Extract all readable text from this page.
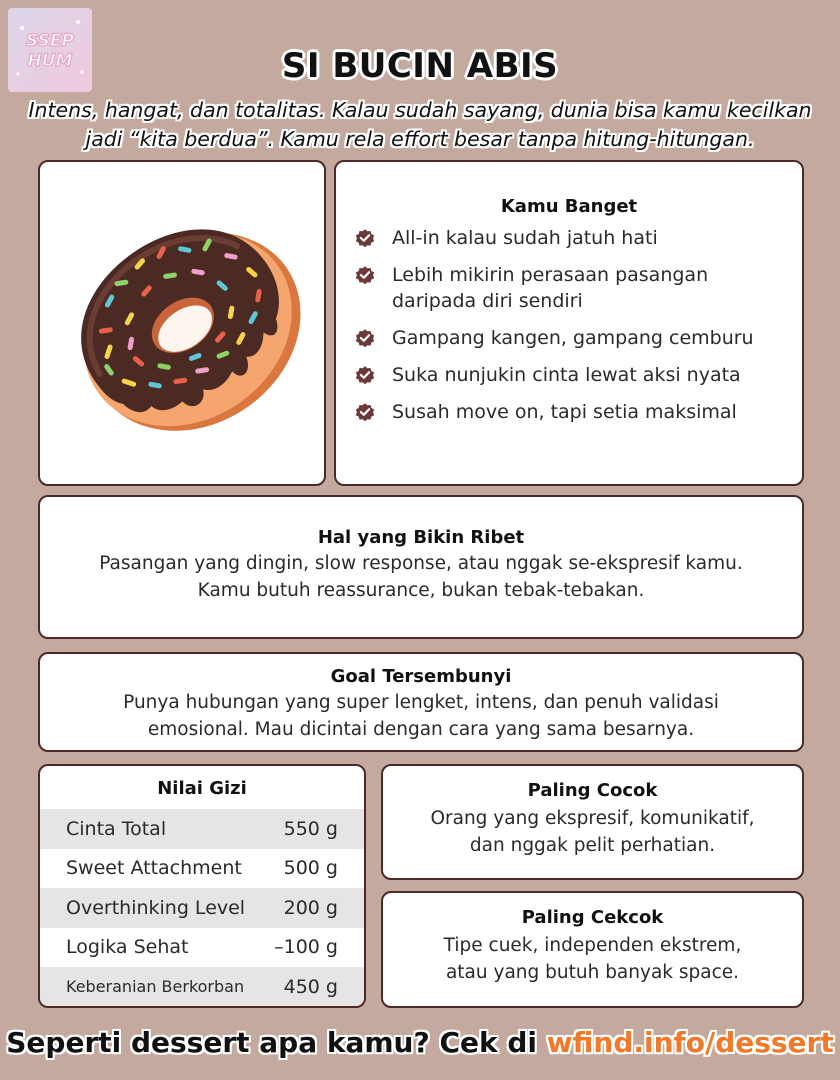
SSEP
HUM	SI BUCIN ABIS
Intens, hangat, dan totalitas. Kalau sudah sayang, dunia bisa kamu kecilkan jadi “kita berdua”. Kamu rela effort besar tanpa hitung-hitungan.
Kamu Banget
All-in kalau sudah jatuh hati
Lebih mikirin perasaan pasangan daripada diri sendiri
Gampang kangen, gampang cemburu
Suka nunjukin cinta lewat aksi nyata
Susah move on, tapi setia maksimal
Hal yang Bikin Ribet

Pasangan yang dingin, slow response, atau nggak se-ekspresif kamu. Kamu butuh reassurance, bukan tebak-tebakan.

Goal Tersembunyi

Punya hubungan yang super lengket, intens, dan penuh validasi emosional. Mau dicintai dengan cara yang sama besarnya.

Nilai Gizi
Cinta Total	550 g
Sweet Attachment 500 g
Overthinking Level 200 g
Logika Sehat	–100 g
Keberanian Berkorban 450 g
Paling Cocok

Orang yang ekspresif, komunikatif, dan nggak pelit perhatian.

Paling Cekcok

Tipe cuek, independen ekstrem, atau yang butuh banyak space.

Seperti dessert apa kamu? Cek di wfind.info/dessert
